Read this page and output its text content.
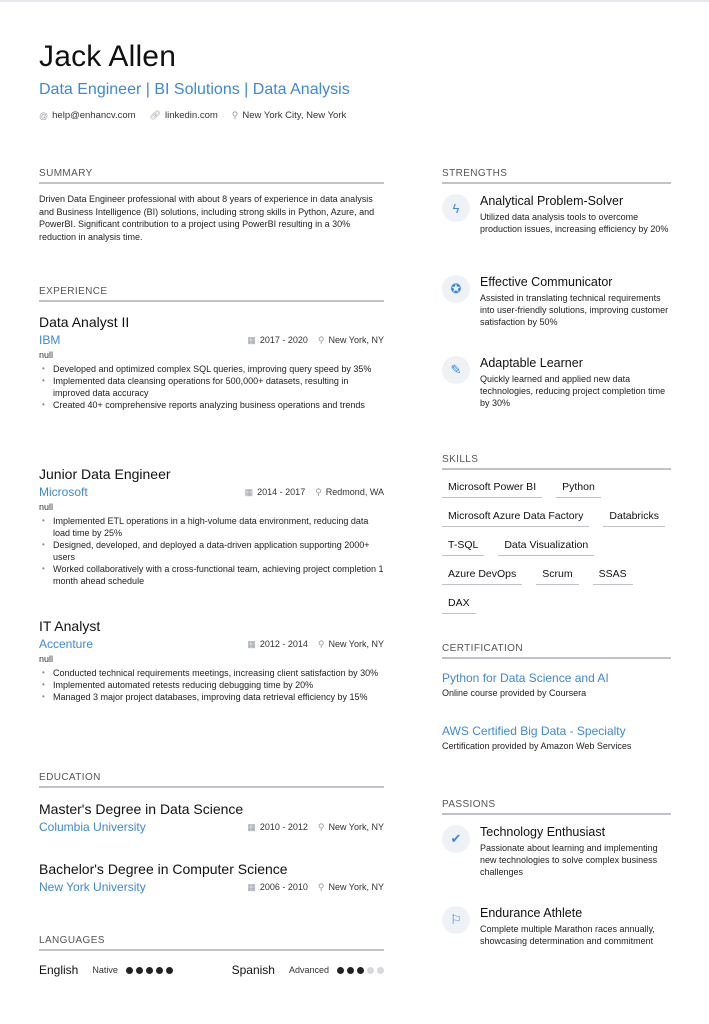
Jack Allen
Data Engineer | BI Solutions | Data Analysis
@ help@enhancv.com 🔗︎ linkedin.com ⚲ New York City, New York
SUMMARY
Driven Data Engineer professional with about 8 years of experience in data analysis and Business Intelligence (BI) solutions, including strong skills in Python, Azure, and PowerBI. Significant contribution to a project using PowerBI resulting in a 30% reduction in analysis time.
EXPERIENCE
Data Analyst II
IBM	▦ 2017 - 2020 ⚲ New York, NY
null
• Developed and optimized complex SQL queries, improving query speed by 35%
• Implemented data cleansing operations for 500,000+ datasets, resulting in improved data accuracy
• Created 40+ comprehensive reports analyzing business operations and trends
Junior Data Engineer
Microsoft	▦ 2014 - 2017 ⚲ Redmond, WA
null
• Implemented ETL operations in a high-volume data environment, reducing data load time by 25%
• Designed, developed, and deployed a data-driven application supporting 2000+ users
• Worked collaboratively with a cross-functional team, achieving project completion 1 month ahead schedule
IT Analyst
Accenture	▦ 2012 - 2014 ⚲ New York, NY
null
• Conducted technical requirements meetings, increasing client satisfaction by 30%
• Implemented automated retests reducing debugging time by 20%
• Managed 3 major project databases, improving data retrieval efficiency by 15%
EDUCATION
Master's Degree in Data Science
Columbia University	▦ 2010 - 2012 ⚲ New York, NY
Bachelor's Degree in Computer Science
New York University	▦ 2006 - 2010 ⚲ New York, NY
LANGUAGES
English Native	Spanish Advanced
STRENGTHS
ϟ	Analytical Problem-Solver
Utilized data analysis tools to overcome production issues, increasing efficiency by 20%
✪	Effective Communicator
Assisted in translating technical requirements into user-friendly solutions, improving customer satisfaction by 50%
✎	Adaptable Learner
Quickly learned and applied new data technologies, reducing project completion time by 30%
SKILLS
Microsoft Power BI	Python
Microsoft Azure Data Factory	Databricks
T-SQL	Data Visualization
Azure DevOps	Scrum	SSAS
DAX
CERTIFICATION
Python for Data Science and AI
Online course provided by Coursera
AWS Certified Big Data - Specialty
Certification provided by Amazon Web Services
PASSIONS
✔	Technology Enthusiast
Passionate about learning and implementing new technologies to solve complex business challenges
⚐	Endurance Athlete
Complete multiple Marathon races annually, showcasing determination and commitment
